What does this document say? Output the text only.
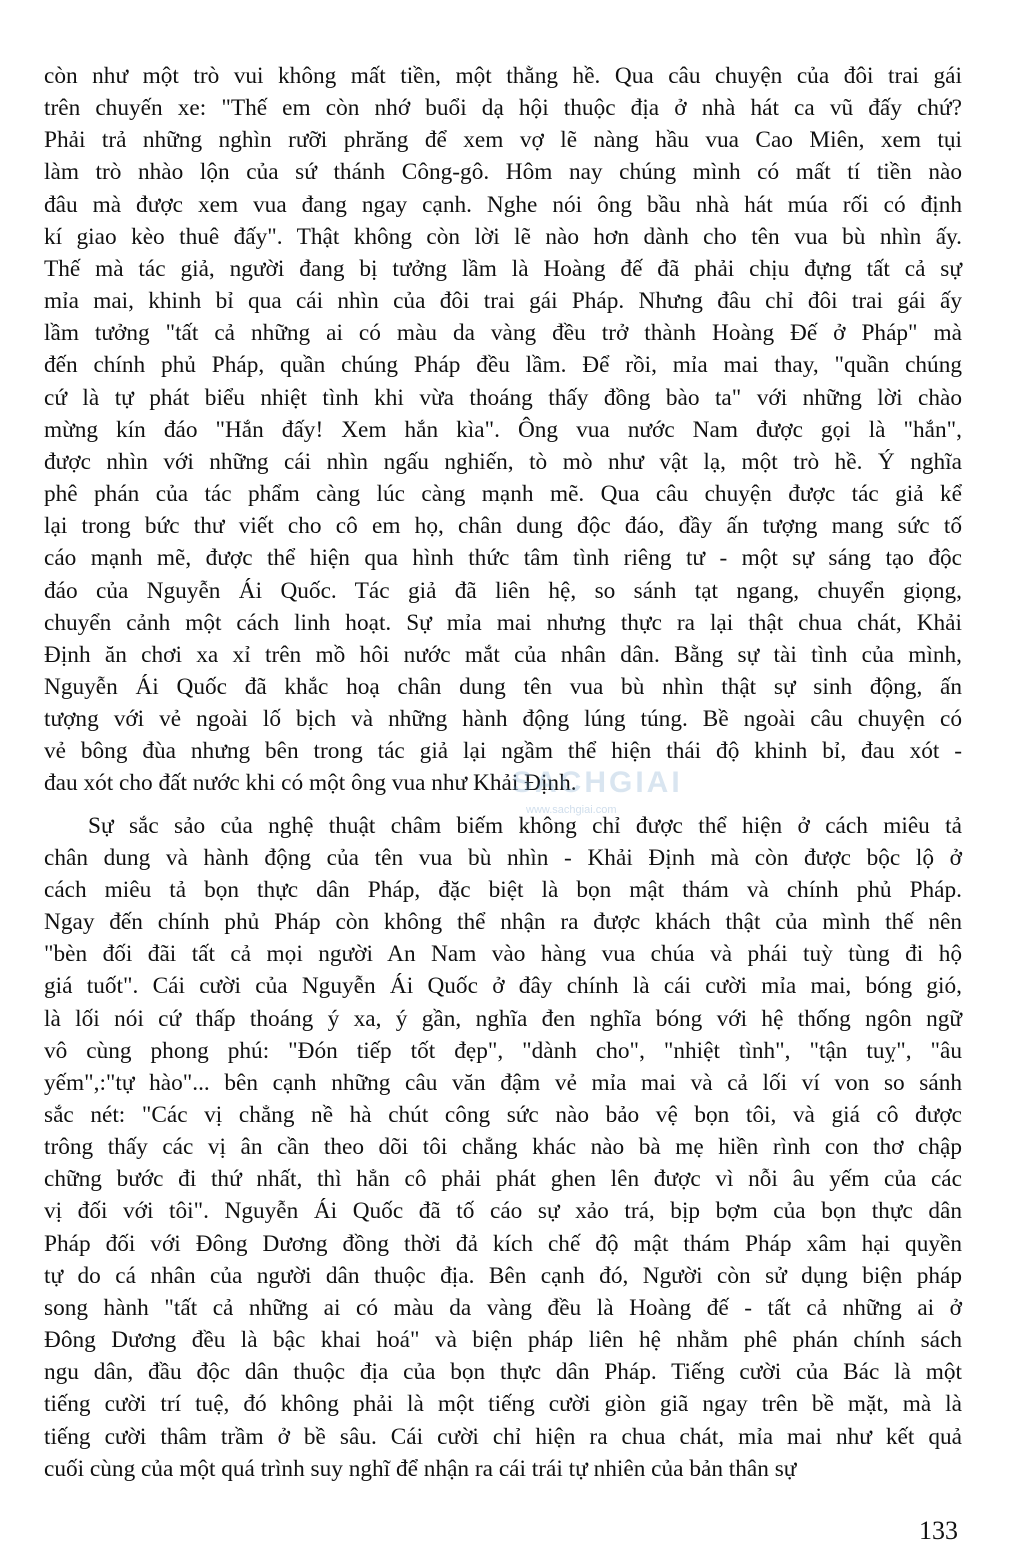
còn như một trò vui không mất tiền, một thằng hề. Qua câu chuyện của đôi trai gái
trên chuyến xe: "Thế em còn nhớ buổi dạ hội thuộc địa ở nhà hát ca vũ đấy chứ?
Phải trả những nghìn rưỡi phrăng để xem vợ lẽ nàng hầu vua Cao Miên, xem tụi
làm trò nhào lộn của sứ thánh Công-gô. Hôm nay chúng mình có mất tí tiền nào
đâu mà được xem vua đang ngay cạnh. Nghe nói ông bầu nhà hát múa rối có định
kí giao kèo thuê đấy". Thật không còn lời lẽ nào hơn dành cho tên vua bù nhìn ấy.
Thế mà tác giả, người đang bị tưởng lầm là Hoàng đế đã phải chịu đựng tất cả sự
mỉa mai, khinh bỉ qua cái nhìn của đôi trai gái Pháp. Nhưng đâu chỉ đôi trai gái ấy
lầm tưởng "tất cả những ai có màu da vàng đều trở thành Hoàng Đế ở Pháp" mà
đến chính phủ Pháp, quần chúng Pháp đều lầm. Để rồi, mỉa mai thay, "quần chúng
cứ là tự phát biểu nhiệt tình khi vừa thoáng thấy đồng bào ta" với những lời chào
mừng kín đáo "Hắn đấy! Xem hắn kìa". Ông vua nước Nam được gọi là "hắn",
được nhìn với những cái nhìn ngấu nghiến, tò mò như vật lạ, một trò hề. Ý nghĩa
phê phán của tác phẩm càng lúc càng mạnh mẽ. Qua câu chuyện được tác giả kể
lại trong bức thư viết cho cô em họ, chân dung độc đáo, đầy ấn tượng mang sức tố
cáo mạnh mẽ, được thể hiện qua hình thức tâm tình riêng tư - một sự sáng tạo độc
đáo của Nguyễn Ái Quốc. Tác giả đã liên hệ, so sánh tạt ngang, chuyển giọng,
chuyển cảnh một cách linh hoạt. Sự mỉa mai nhưng thực ra lại thật chua chát, Khải
Định ăn chơi xa xỉ trên mồ hôi nước mắt của nhân dân. Bằng sự tài tình của mình,
Nguyễn Ái Quốc đã khắc hoạ chân dung tên vua bù nhìn thật sự sinh động, ấn
tượng với vẻ ngoài lố bịch và những hành động lúng túng. Bề ngoài câu chuyện có
vẻ bông đùa nhưng bên trong tác giả lại ngầm thể hiện thái độ khinh bỉ, đau xót -
đau xót cho đất nước khi có một ông vua như Khải Định.

Sự sắc sảo của nghệ thuật châm biếm không chỉ được thể hiện ở cách miêu tả
chân dung và hành động của tên vua bù nhìn - Khải Định mà còn được bộc lộ ở
cách miêu tả bọn thực dân Pháp, đặc biệt là bọn mật thám và chính phủ Pháp.
Ngay đến chính phủ Pháp còn không thể nhận ra được khách thật của mình thế nên
"bèn đối đãi tất cả mọi người An Nam vào hàng vua chúa và phái tuỳ tùng đi hộ
giá tuốt". Cái cười của Nguyễn Ái Quốc ở đây chính là cái cười mỉa mai, bóng gió,
là lối nói cứ thấp thoáng ý xa, ý gần, nghĩa đen nghĩa bóng với hệ thống ngôn ngữ
vô cùng phong phú: "Đón tiếp tốt đẹp", "dành cho", "nhiệt tình", "tận tuỵ", "âu
yếm",:"tự hào"... bên cạnh những câu văn đậm vẻ mỉa mai và cả lối ví von so sánh
sắc nét: "Các vị chẳng nề hà chút công sức nào bảo vệ bọn tôi, và giá cô được
trông thấy các vị ân cần theo dõi tôi chẳng khác nào bà mẹ hiền rình con thơ chập
chững bước đi thứ nhất, thì hẳn cô phải phát ghen lên được vì nỗi âu yếm của các
vị đối với tôi". Nguyễn Ái Quốc đã tố cáo sự xảo trá, bịp bợm của bọn thực dân
Pháp đối với Đông Dương đồng thời đả kích chế độ mật thám Pháp xâm hại quyền
tự do cá nhân của người dân thuộc địa. Bên cạnh đó, Người còn sử dụng biện pháp
song hành "tất cả những ai có màu da vàng đều là Hoàng đế - tất cả những ai ở
Đông Dương đều là bậc khai hoá" và biện pháp liên hệ nhằm phê phán chính sách
ngu dân, đầu độc dân thuộc địa của bọn thực dân Pháp. Tiếng cười của Bác là một
tiếng cười trí tuệ, đó không phải là một tiếng cười giòn giã ngay trên bề mặt, mà là
tiếng cười thâm trầm ở bề sâu. Cái cười chỉ hiện ra chua chát, mỉa mai như kết quả
cuối cùng của một quá trình suy nghĩ để nhận ra cái trái tự nhiên của bản thân sự

SACHGIAI
www.sachgiai.com
133
